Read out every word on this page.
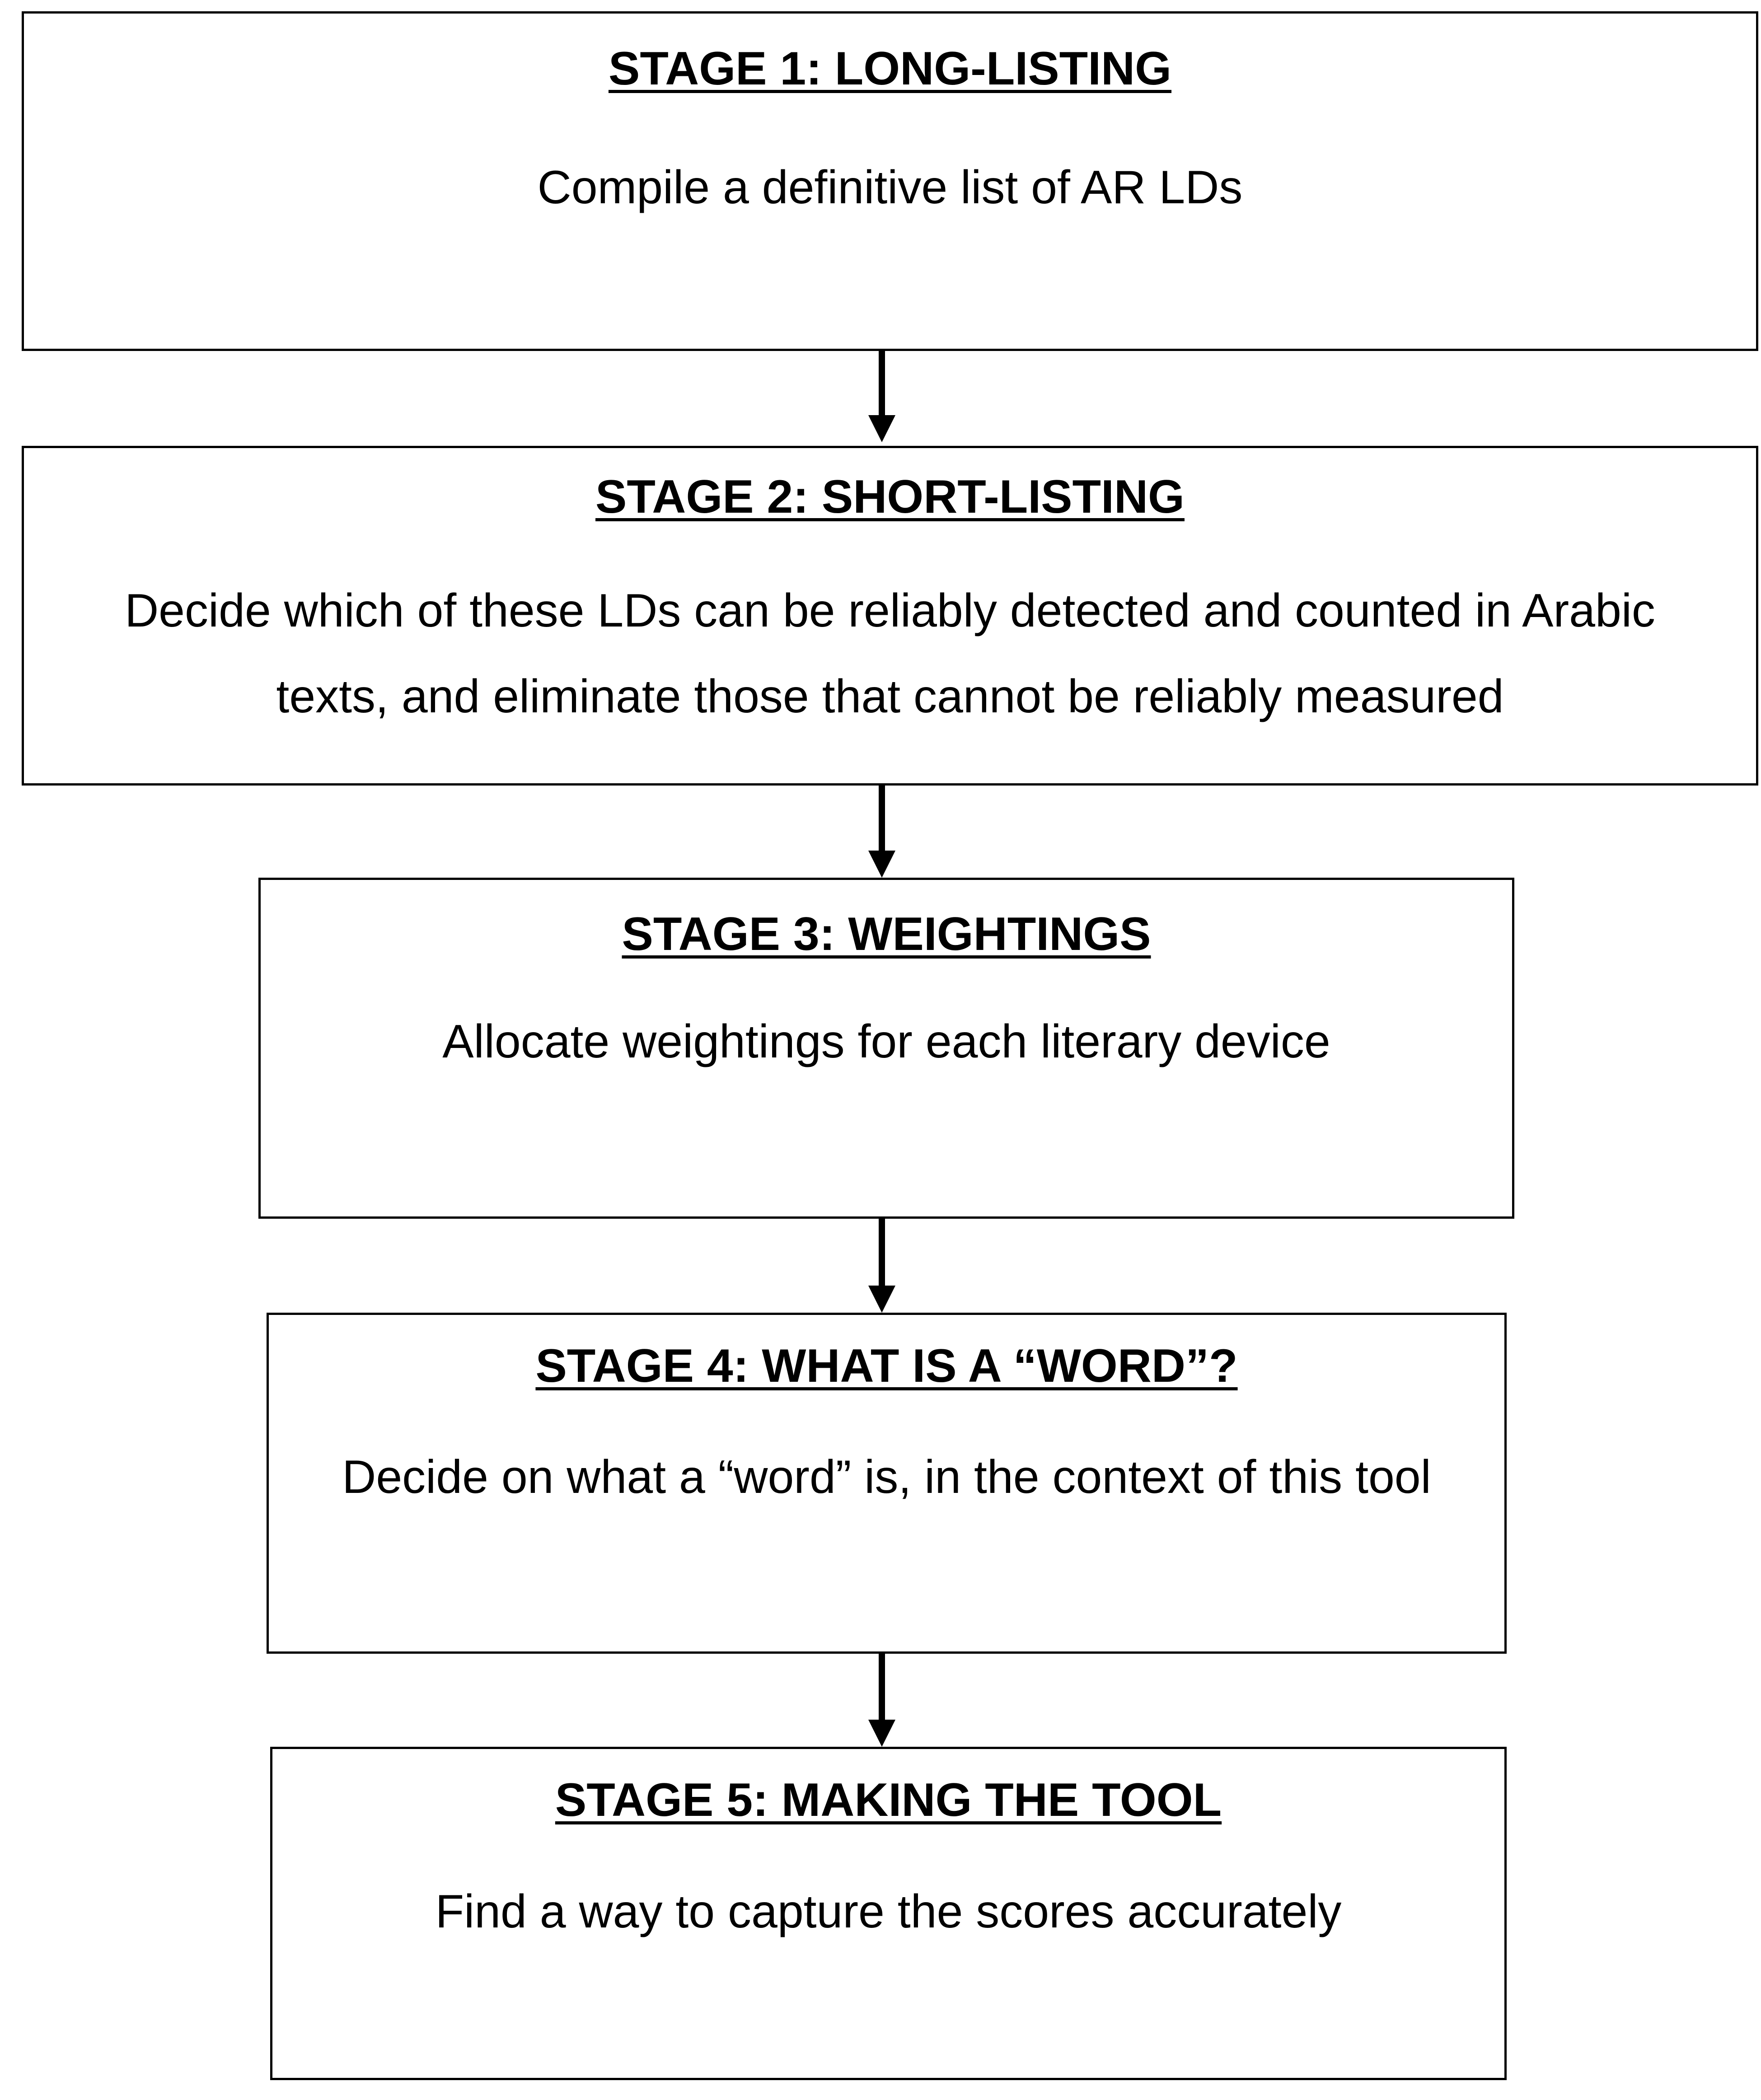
STAGE 1: LONG-LISTING
Compile a definitive list of AR LDs
STAGE 2: SHORT-LISTING
Decide which of these LDs can be reliably detected and counted in Arabic
texts, and eliminate those that cannot be reliably measured
STAGE 3: WEIGHTINGS
Allocate weightings for each literary device
STAGE 4: WHAT IS A “WORD”?
Decide on what a “word” is, in the context of this tool
STAGE 5: MAKING THE TOOL
Find a way to capture the scores accurately
